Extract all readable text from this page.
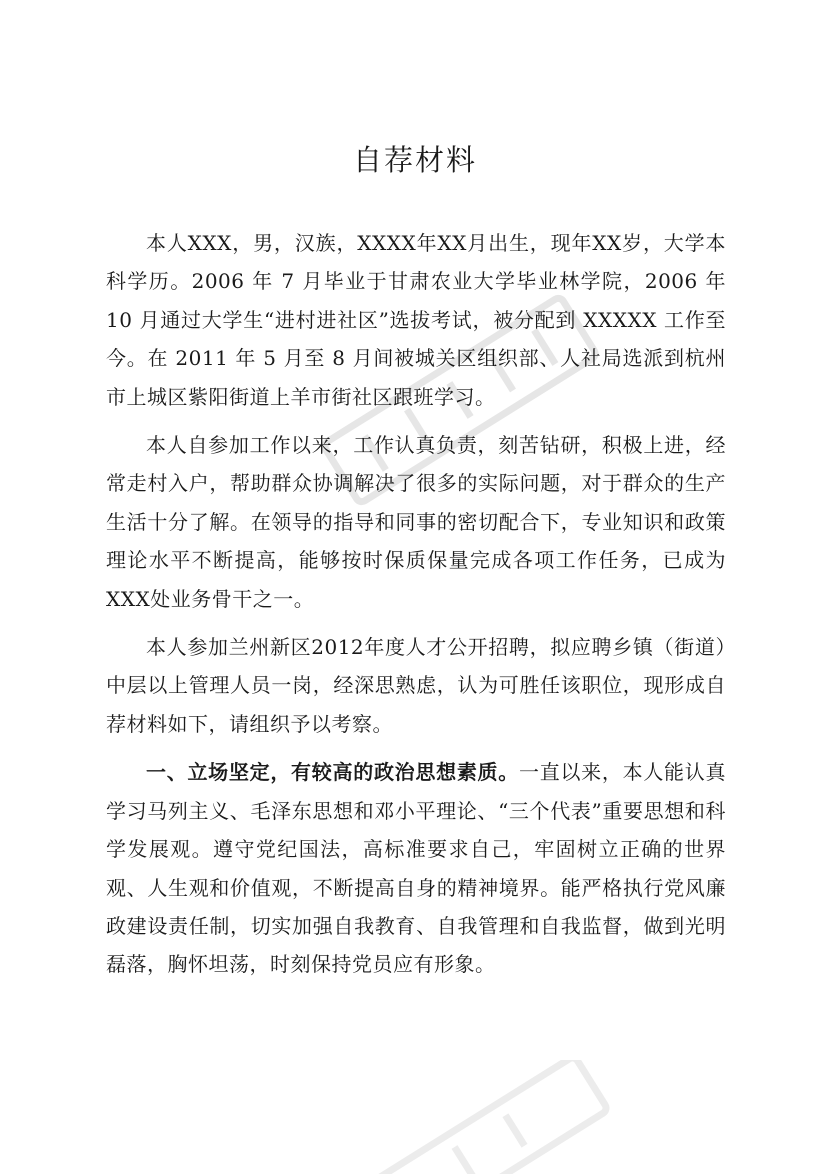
自荐材料

本人XXX，男，汉族，XXXX年XX月出生，现年XX岁，大学本科学历。2006 年 7 月毕业于甘肃农业大学毕业林学院，2006 年 10 月通过大学生“进村进社区”选拔考试，被分配到 XXXXX 工作至今。在 2011 年 5 月至 8 月间被城关区组织部、人社局选派到杭州市上城区紫阳街道上羊市街社区跟班学习。

本人自参加工作以来，工作认真负责，刻苦钻研，积极上进，经常走村入户，帮助群众协调解决了很多的实际问题，对于群众的生产生活十分了解。在领导的指导和同事的密切配合下，专业知识和政策理论水平不断提高，能够按时保质保量完成各项工作任务，已成为XXX处业务骨干之一。

本人参加兰州新区2012年度人才公开招聘，拟应聘乡镇（街道）中层以上管理人员一岗，经深思熟虑，认为可胜任该职位，现形成自荐材料如下，请组织予以考察。

一、立场坚定，有较高的政治思想素质。一直以来，本人能认真学习马列主义、毛泽东思想和邓小平理论、“三个代表”重要思想和科学发展观。遵守党纪国法，高标准要求自己，牢固树立正确的世界观、人生观和价值观，不断提高自身的精神境界。能严格执行党风廉政建设责任制，切实加强自我教育、自我管理和自我监督，做到光明磊落，胸怀坦荡，时刻保持党员应有形象。
